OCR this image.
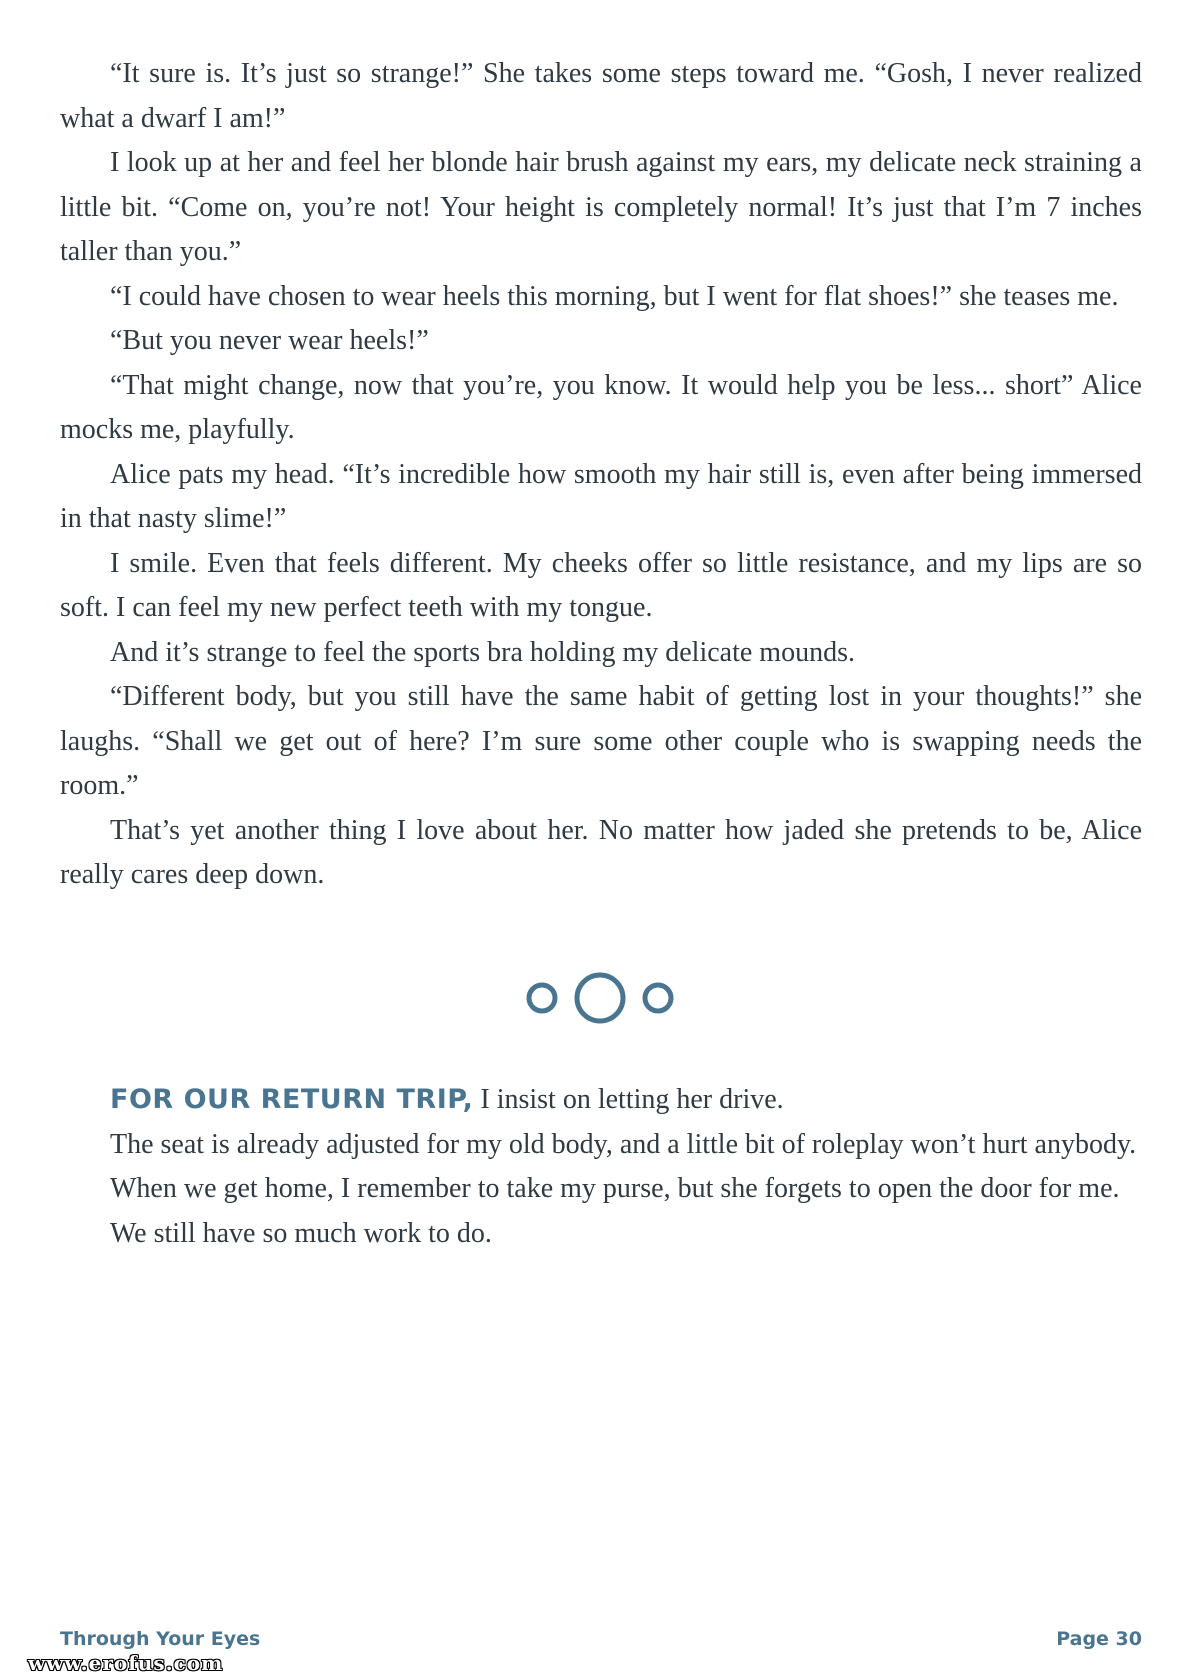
“It sure is. It’s just so strange!” She takes some steps toward me. “Gosh, I never realized what a dwarf I am!”

I look up at her and feel her blonde hair brush against my ears, my delicate neck straining a little bit. “Come on, you’re not! Your height is completely normal! It’s just that I’m 7 inches taller than you.”

“I could have chosen to wear heels this morning, but I went for flat shoes!” she teases me.

“But you never wear heels!”

“That might change, now that you’re, you know. It would help you be less... short” Alice mocks me, playfully.

Alice pats my head. “It’s incredible how smooth my hair still is, even after being immersed in that nasty slime!”

I smile. Even that feels different. My cheeks offer so little resistance, and my lips are so soft. I can feel my new perfect teeth with my tongue.

And it’s strange to feel the sports bra holding my delicate mounds.

“Different body, but you still have the same habit of getting lost in your thoughts!” she laughs. “Shall we get out of here? I’m sure some other couple who is swapping needs the room.”

That’s yet another thing I love about her. No matter how jaded she pretends to be, Alice really cares deep down.

FOR OUR RETURN TRIP, I insist on letting her drive.

The seat is already adjusted for my old body, and a little bit of roleplay won’t hurt anybody.

When we get home, I remember to take my purse, but she forgets to open the door for me.

We still have so much work to do.

Through Your Eyes	Page 30
www.erofus.com
